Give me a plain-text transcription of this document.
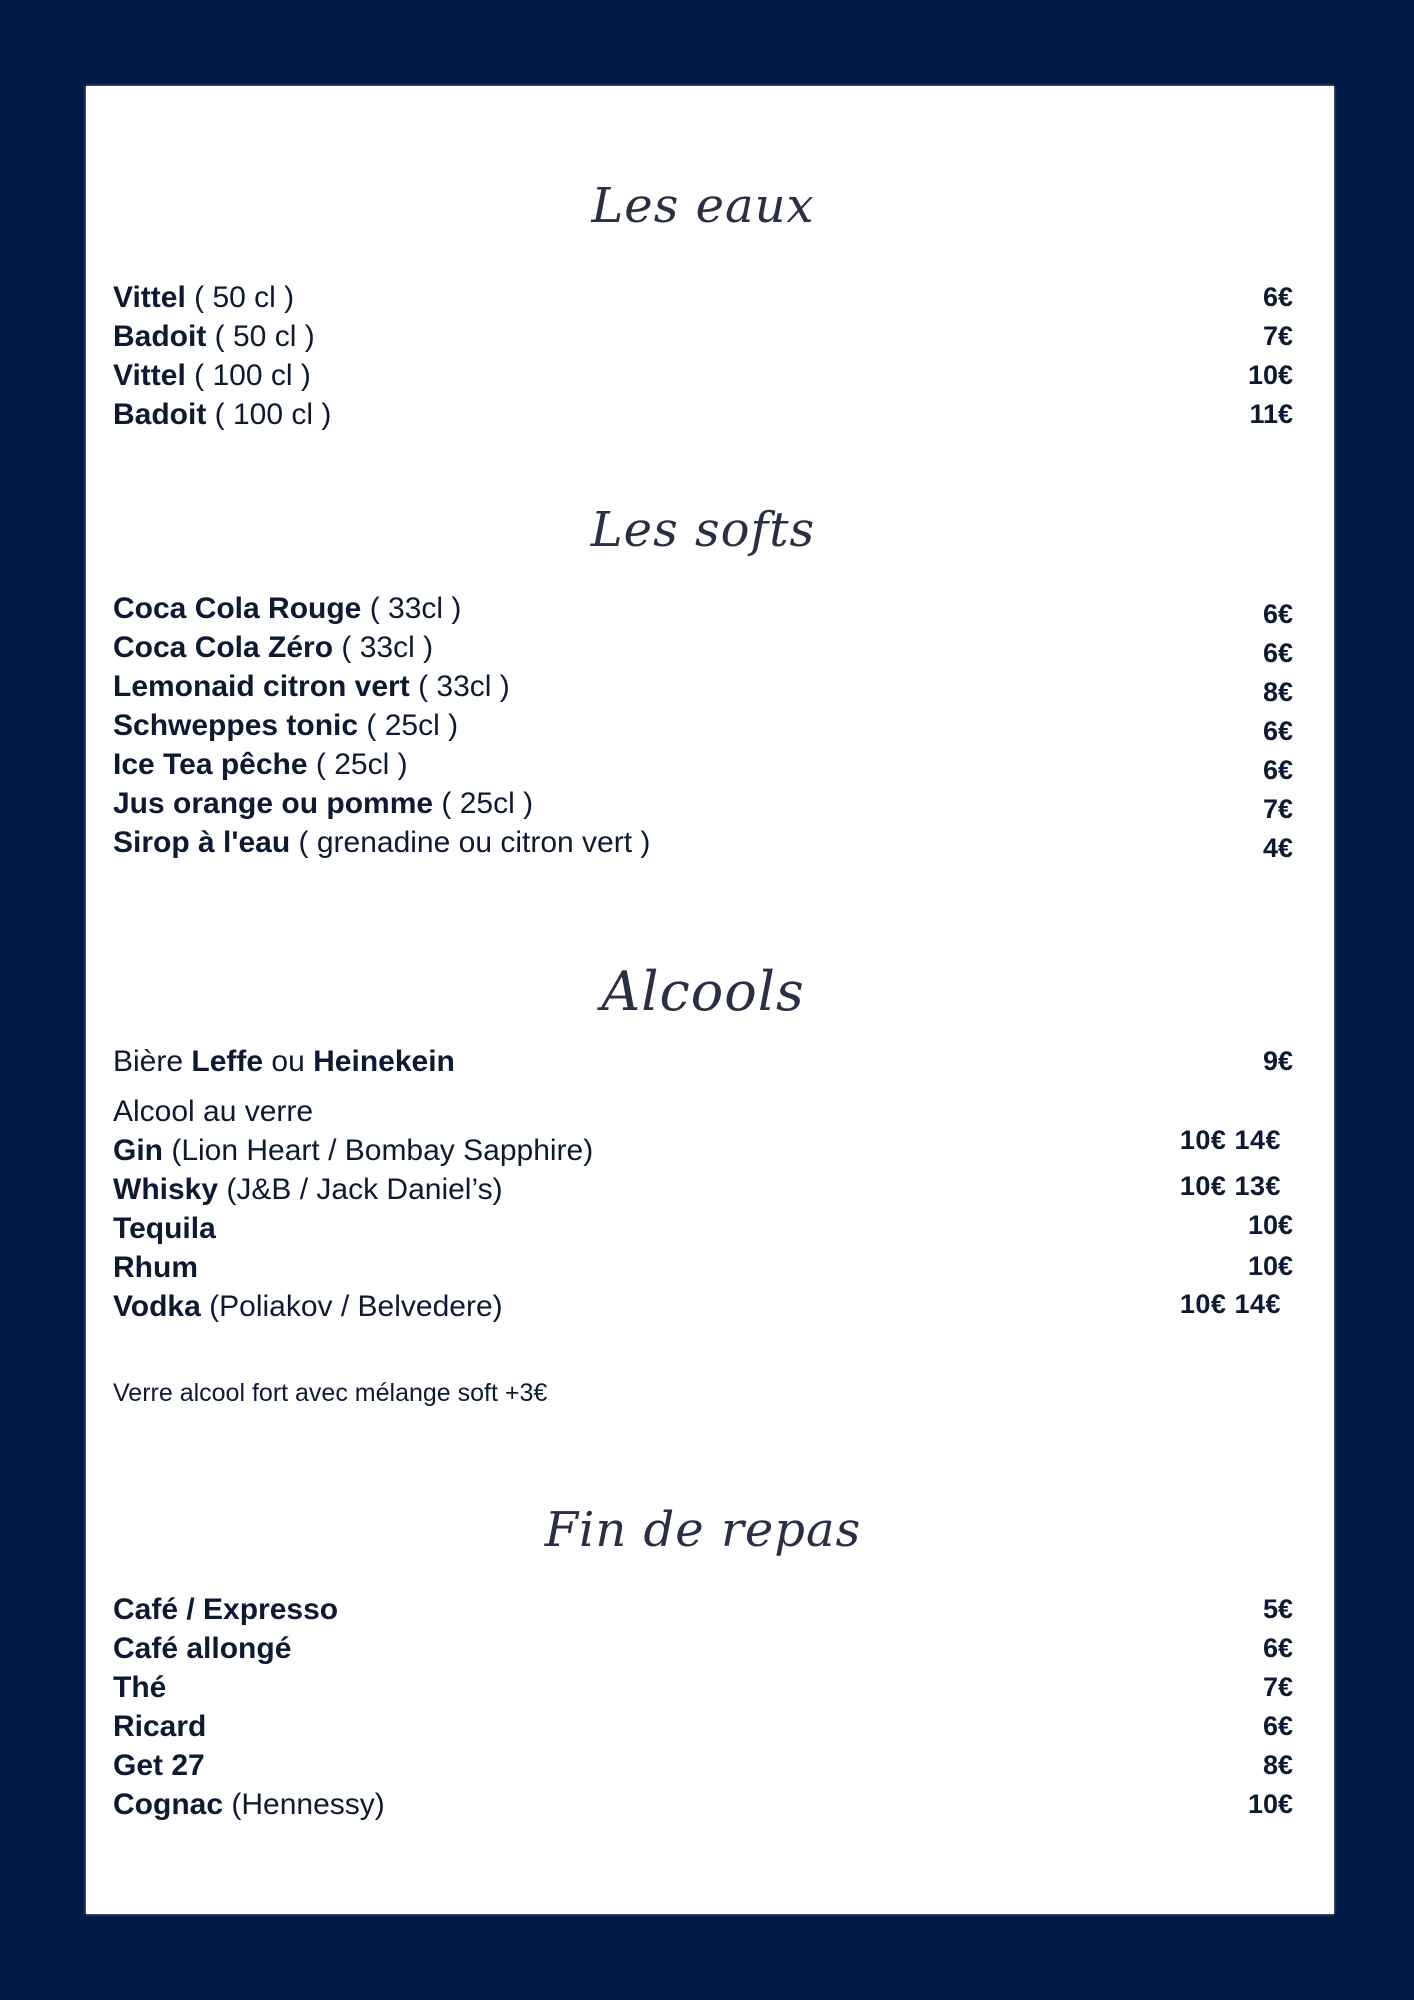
Les eaux
Vittel ( 50 cl )	6€
Badoit ( 50 cl )	7€
Vittel ( 100 cl )	10€
Badoit ( 100 cl )	11€
Les softs
Coca Cola Rouge ( 33cl )	6€
Coca Cola Zéro ( 33cl )	6€
Lemonaid citron vert ( 33cl )	8€
Schweppes tonic ( 25cl )	6€
Ice Tea pêche ( 25cl )	6€
Jus orange ou pomme ( 25cl )	7€
Sirop à l'eau ( grenadine ou citron vert )	4€
Alcools
Bière Leffe ou Heinekein	9€
Alcool au verre
Gin (Lion Heart / Bombay Sapphire)	10€ 14€
Whisky (J&B / Jack Daniel’s)	10€ 13€
Tequila	10€
Rhum	10€
Vodka (Poliakov / Belvedere)	10€ 14€
Verre alcool fort avec mélange soft +3€
Fin de repas
Café / Expresso	5€
Café allongé	6€
Thé	7€
Ricard	6€
Get 27	8€
Cognac (Hennessy)	10€
